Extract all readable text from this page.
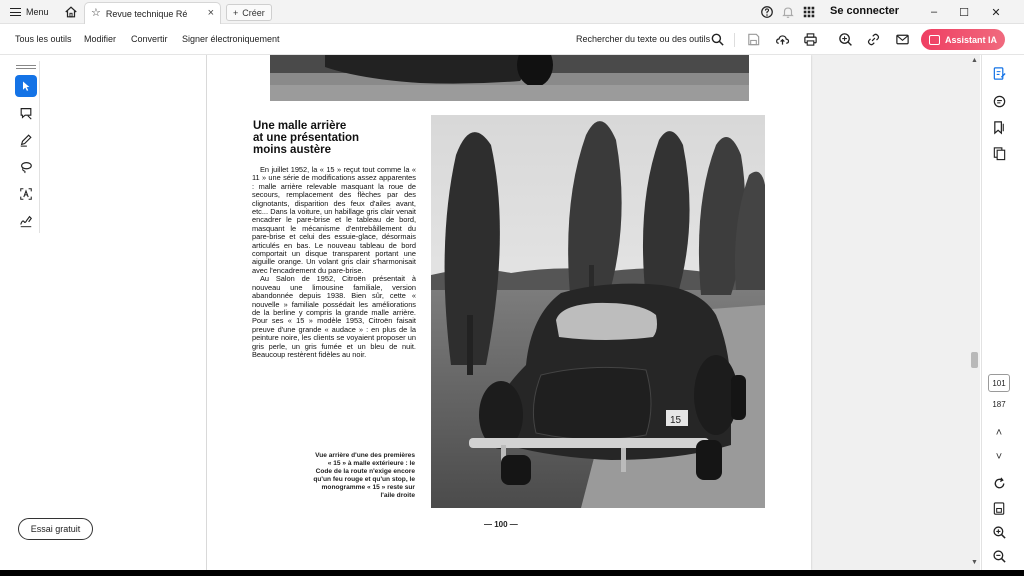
Menu	☆ Revue technique Ré	× + Créer	Se connecter	–	☐	✕
Tous les outils Modifier Convertir Signer électroniquement	Rechercher du texte ou des outils	Assistant IA
Essai gratuit
Une malle arrière
at une présentation
moins austère

En juillet 1952, la « 15 » reçut tout comme la « 11 » une série de modifications assez apparentes : malle arrière relevable masquant la roue de secours, remplacement des flèches par des clignotants, disparition des feux d'ailes avant, etc... Dans la voiture, un habillage gris clair venait encadrer le pare-brise et le tableau de bord, masquant le mécanisme d'entrebâillement du pare-brise et celui des essuie-glace, désormais articulés en bas. Le nouveau tableau de bord comportait un disque transparent portant une aiguille orange. Un volant gris clair s'harmonisait avec l'encadrement du pare-brise.

Au Salon de 1952, Citroën présentait à nouveau une limousine familiale, version abandonnée depuis 1938. Bien sûr, cette « nouvelle » familiale possédait les améliorations de la berline y compris la grande malle arrière. Pour ses « 15 » modèle 1953, Citroën faisait preuve d'une grande « audace » : en plus de la peinture noire, les clients se voyaient proposer un gris perle, un gris fumée et un bleu de nuit. Beaucoup restèrent fidèles au noir.

Vue arrière d'une des premières « 15 » à malle extérieure : le Code de la route n'exige encore qu'un feu rouge et qu'un stop, le monogramme « 15 » reste sur l'aile droite
15
— 100 —
▲
▼
101
187
˄
˅
